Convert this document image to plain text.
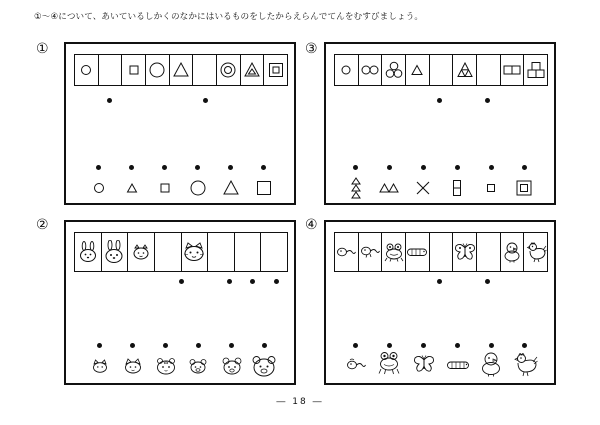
①〜④について、あいているしかくのなかにはいるものをしたからえらんでてんをむすびましょう。
①	③
②	④
― 18 ―
